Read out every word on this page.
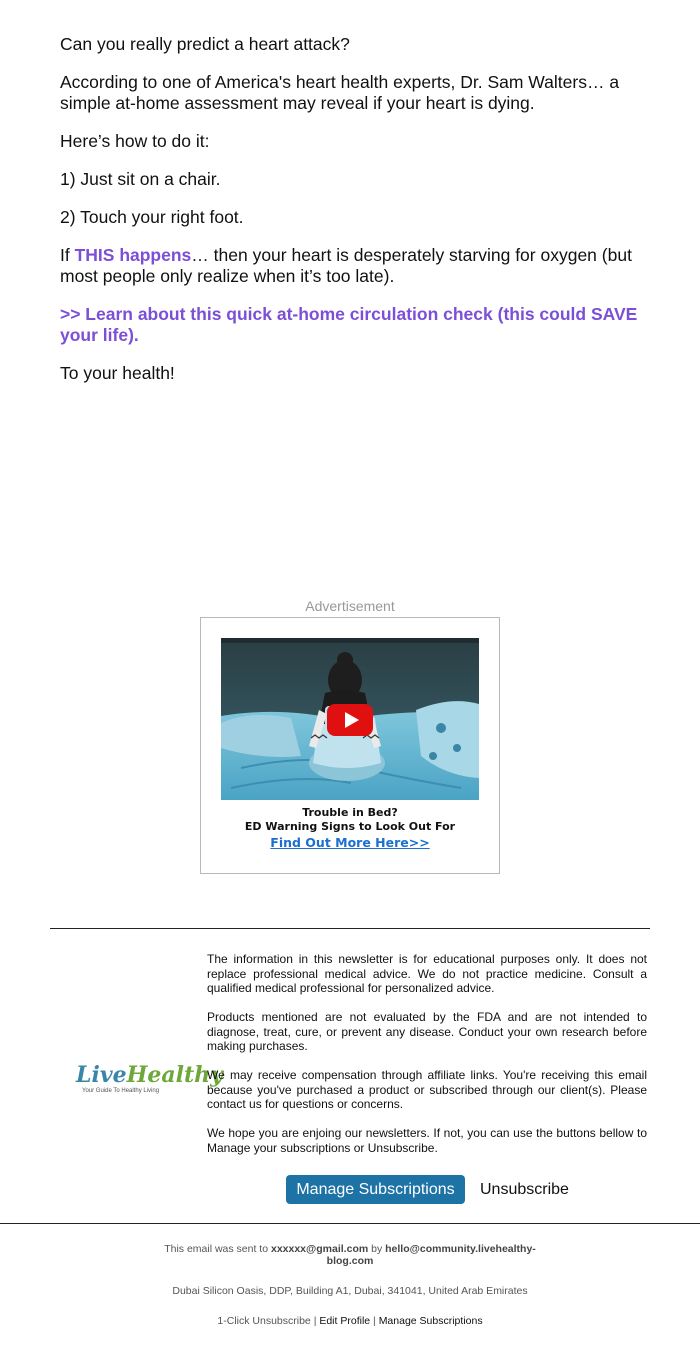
Can you really predict a heart attack?

According to one of America's heart health experts, Dr. Sam Walters… a simple at-home assessment may reveal if your heart is dying.

Here’s how to do it:

1) Just sit on a chair.

2) Touch your right foot.

If THIS happens… then your heart is desperately starving for oxygen (but most people only realize when it’s too late).

>> Learn about this quick at-home circulation check (this could SAVE your life).

To your health!

Advertisement
Trouble in Bed?
ED Warning Signs to Look Out For
Find Out More Here>>
LiveHealthy
Your Guide To Healthy Living

The information in this newsletter is for educational purposes only. It does not replace professional medical advice. We do not practice medicine. Consult a qualified medical professional for personalized advice.

Products mentioned are not evaluated by the FDA and are not intended to diagnose, treat, cure, or prevent any disease. Conduct your own research before making purchases.

We may receive compensation through affiliate links. You're receiving this email because you've purchased a product or subscribed through our client(s). Please contact us for questions or concerns.

We hope you are enjoing our newsletters. If not, you can use the buttons bellow to Manage your subscriptions or Unsubscribe.

Manage Subscriptions	Unsubscribe
This email was sent to xxxxxx@gmail.com by hello@community.livehealthy-blog.com
Dubai Silicon Oasis, DDP, Building A1, Dubai, 341041, United Arab Emirates
1-Click Unsubscribe | Edit Profile | Manage Subscriptions
